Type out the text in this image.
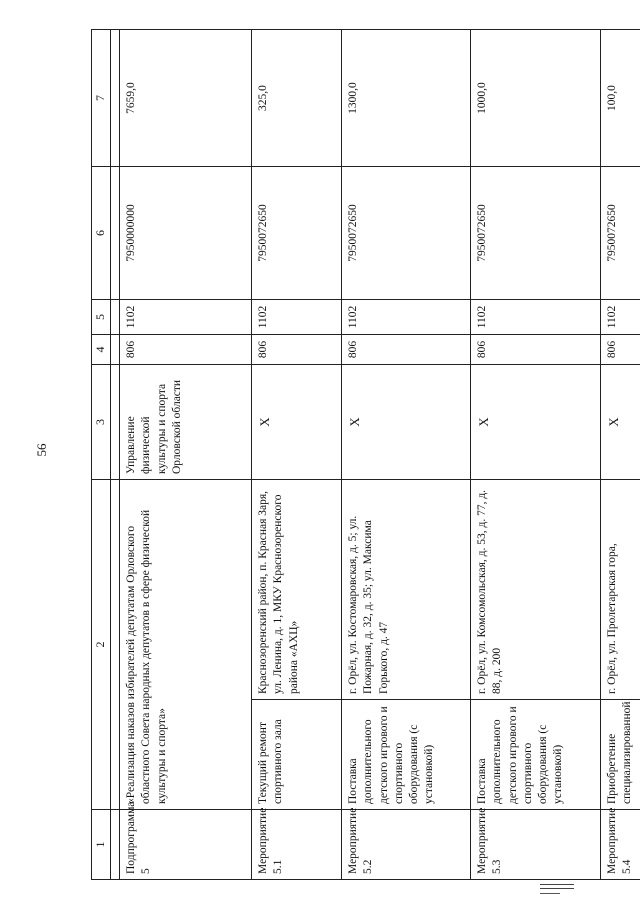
56
1	2		3	4	5	6	7

Подпрограмма 5	«Реализация наказов избирателей депутатам Орловского областного Совета народных депутатов в сфере физической культуры и спорта»		Управление физической культуры и спорта Орловской области	806	1102	7950000000	7659,0
Мероприятие 5.1	Текущий ремонт спортивного зала	Краснозоренский район, п. Красная Заря, ул. Ленина, д. 1, МКУ Краснозоренского района «АХЦ»	Х	806	1102	7950072650	325,0
Мероприятие 5.2	Поставка дополнительного детского игрового и спортивного оборудования (с установкой)	г. Орёл, ул. Костомаровская, д. 5; ул. Пожарная, д. 32, д. 35; ул. Максима Горького, д. 47	Х	806	1102	7950072650	1300,0
Мероприятие 5.3	Поставка дополнительного детского игрового и спортивного оборудования (с установкой)	г. Орёл, ул. Комсомольская, д. 53, д. 77, д. 88, д. 200	Х	806	1102	7950072650	1000,0
Мероприятие 5.4	Приобретение специализированной	г. Орёл, ул. Пролетарская гора,	Х	806	1102	7950072650	100,0
